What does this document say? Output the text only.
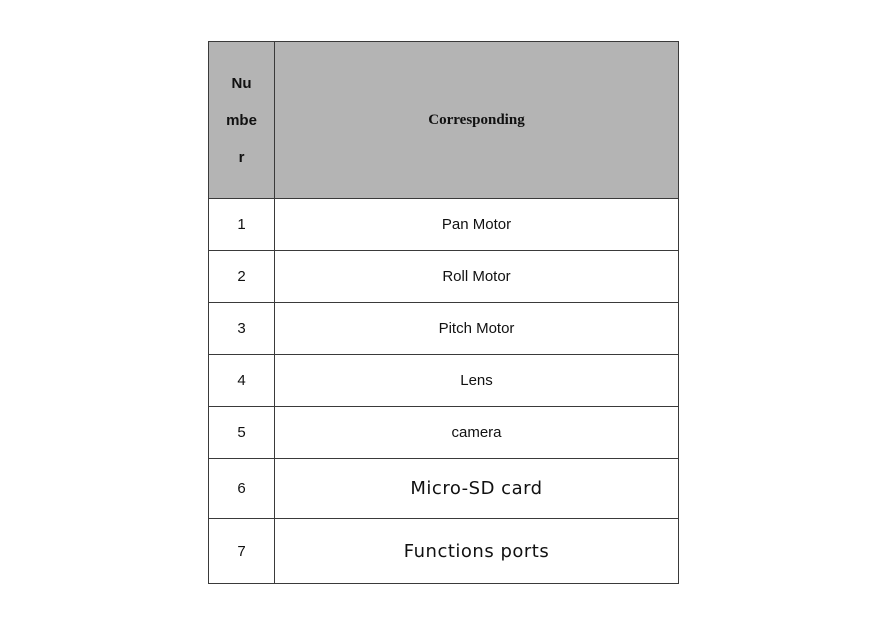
Nu
mbe
r	Corresponding
1	Pan Motor
2	Roll Motor
3	Pitch Motor
4	Lens
5	camera
6	Micro-SD card
7	Functions ports
